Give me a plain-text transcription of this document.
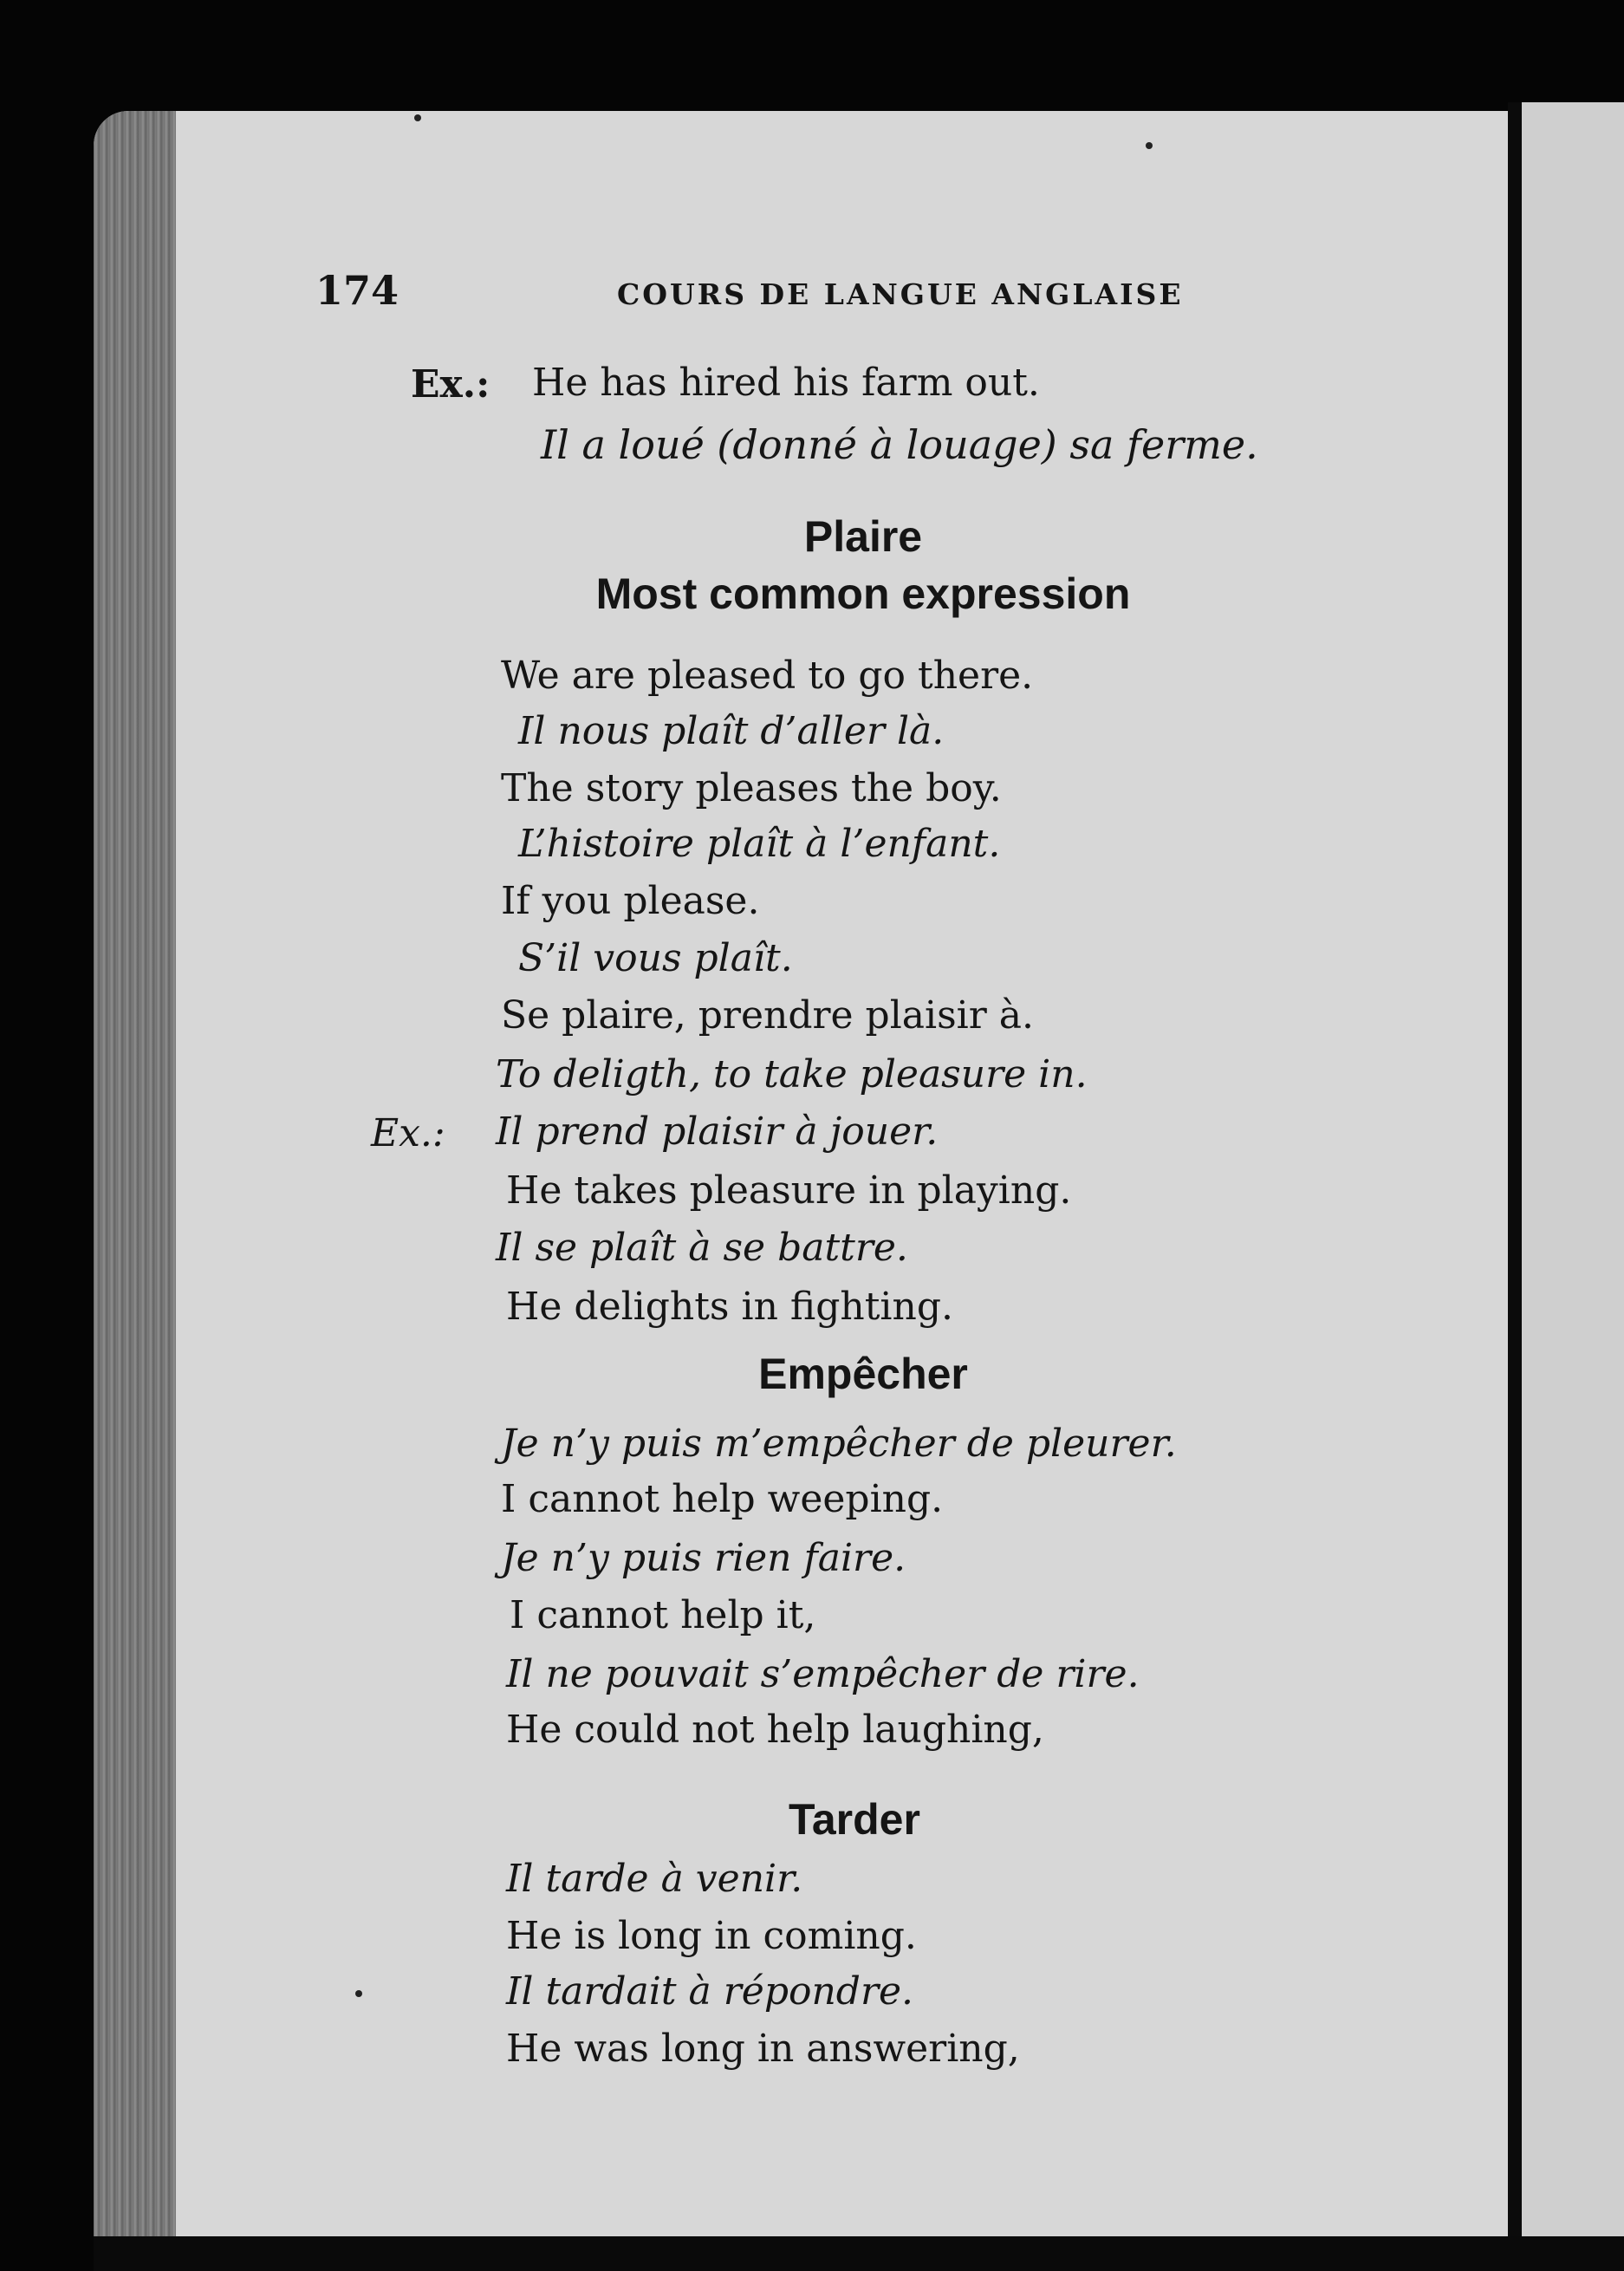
174	COURS DE LANGUE ANGLAISE
Ex.: He has hired his farm out.
Il a loué (donné à louage) sa ferme.
Plaire
Most common expression
We are pleased to go there.
Il nous plaît d’aller là.
The story pleases the boy.
L’histoire plaît à l’enfant.
If you please.
S’il vous plaît.
Se plaire, prendre plaisir à.
To deligth, to take pleasure in.
Ex.: Il prend plaisir à jouer.
He takes pleasure in playing.
Il se plaît à se battre.
He delights in fighting.
Empêcher
Je n’y puis m’empêcher de pleurer.
I cannot help weeping.
Je n’y puis rien faire.
I cannot help it,
Il ne pouvait s’empêcher de rire.
He could not help laughing,
Tarder
Il tarde à venir.
He is long in coming.
Il tardait à répondre.
He was long in answering,
